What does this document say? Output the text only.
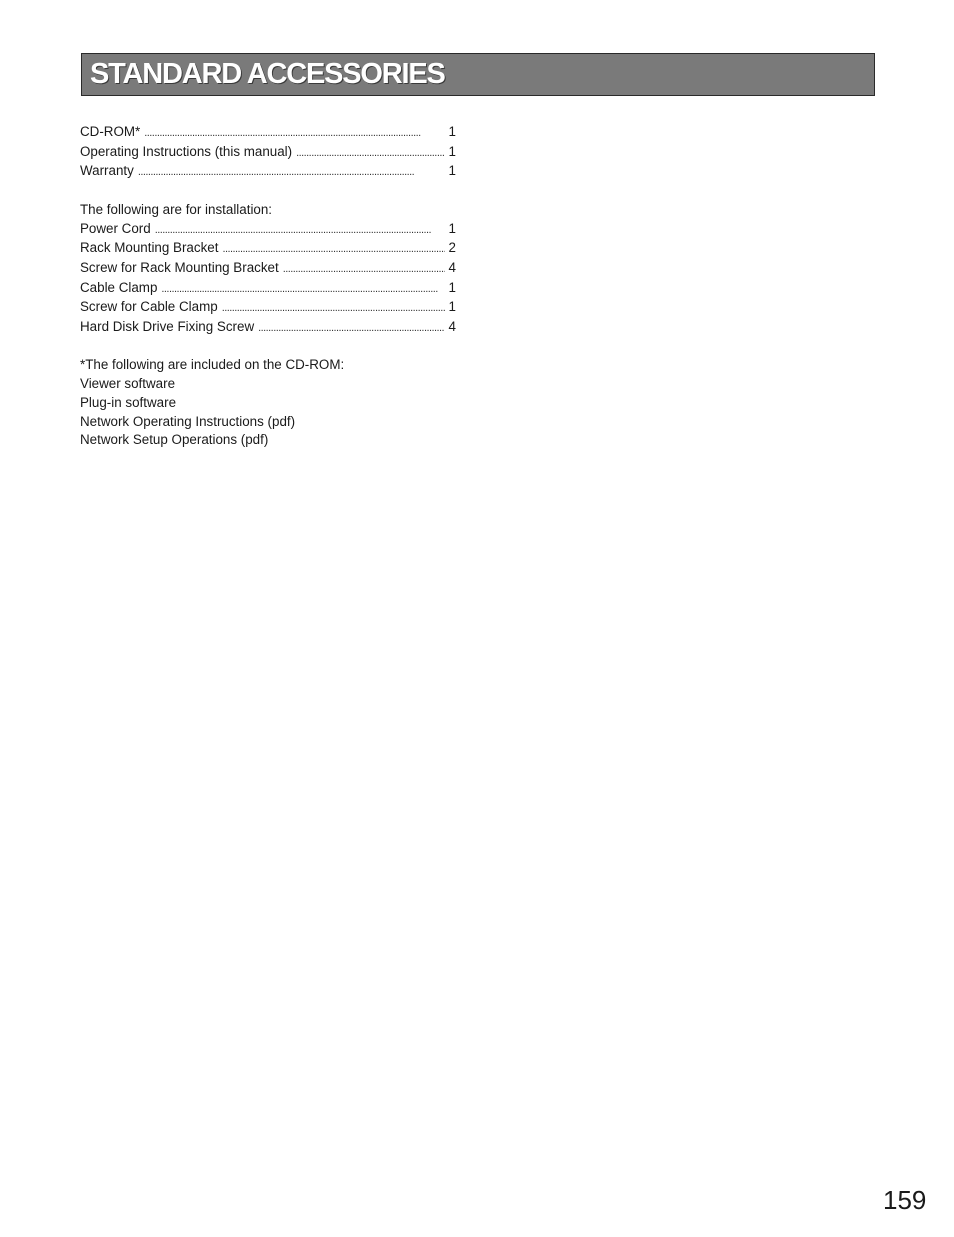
STANDARD ACCESSORIES
CD-ROM* . . .	1
Operating Instructions (this manual) . . .	1
Warranty . . .	1
The following are for installation:
Power Cord . . .	1
Rack Mounting Bracket . . .	2
Screw for Rack Mounting Bracket . . .	4
Cable Clamp . . .	1
Screw for Cable Clamp . . .	1
Hard Disk Drive Fixing Screw . . .	4
*The following are included on the CD-ROM:
Viewer software
Plug-in software
Network Operating Instructions (pdf)
Network Setup Operations (pdf)
159
